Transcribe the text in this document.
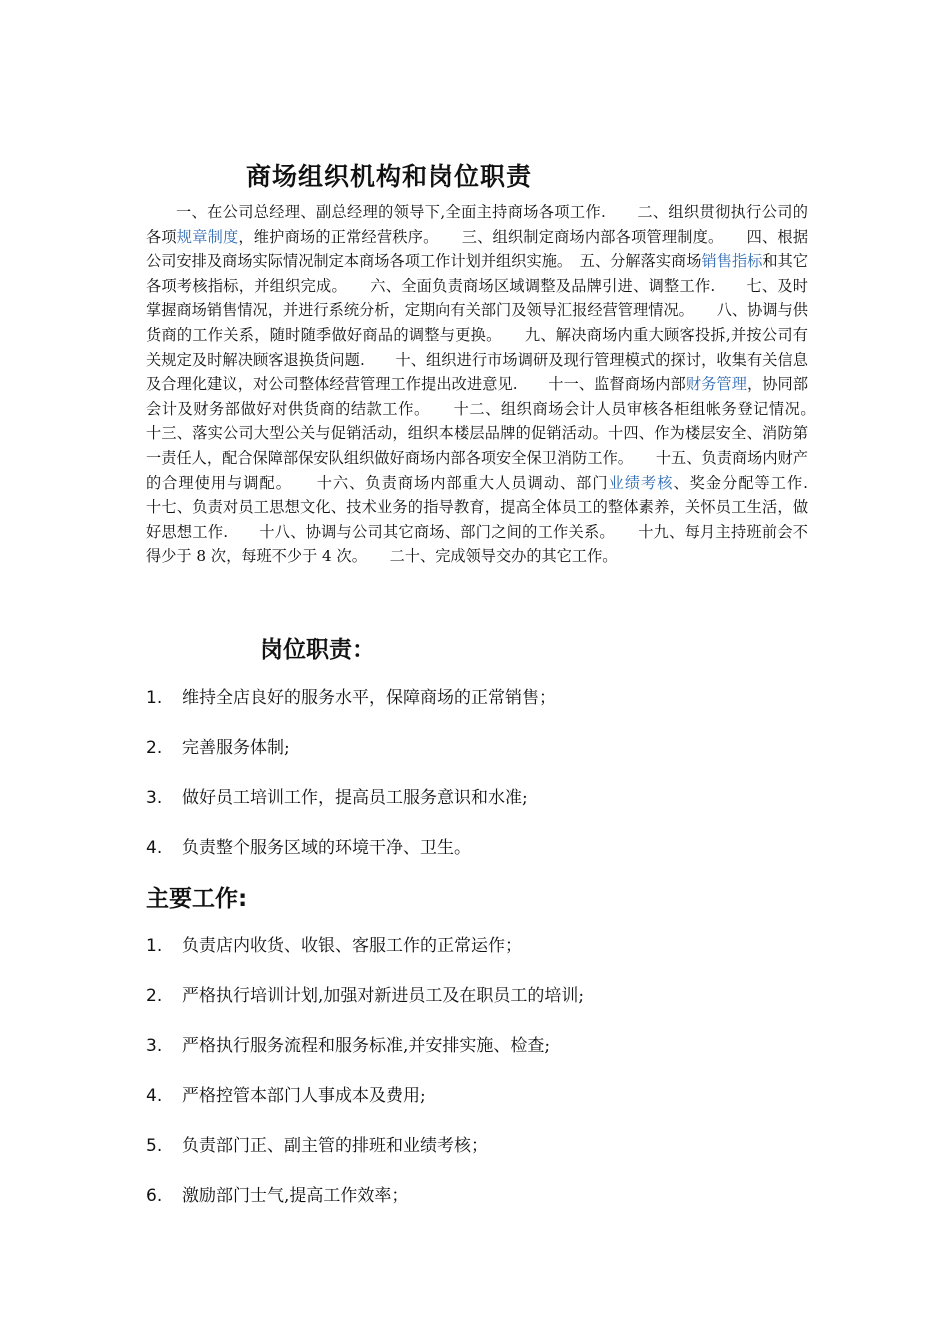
商场组织机构和岗位职责

一、在公司总经理、副总经理的领导下,全面主持商场各项工作.　　二、组织贯彻执行公司的各项规章制度，维护商场的正常经营秩序。　　三、组织制定商场内部各项管理制度。　　四、根据公司安排及商场实际情况制定本商场各项工作计划并组织实施。　五、分解落实商场销售指标和其它各项考核指标，并组织完成。　　六、全面负责商场区域调整及品牌引进、调整工作.　　七、及时掌握商场销售情况，并进行系统分析，定期向有关部门及领导汇报经营管理情况。　　八、协调与供货商的工作关系，随时随季做好商品的调整与更换。　　九、解决商场内重大顾客投拆,并按公司有关规定及时解决顾客退换货问题.　　十、组织进行市场调研及现行管理模式的探讨，收集有关信息及合理化建议，对公司整体经营管理工作提出改进意见.　　十一、监督商场内部财务管理，协同部会计及财务部做好对供货商的结款工作。　　十二、组织商场会计人员审核各柜组帐务登记情况。　　十三、落实公司大型公关与促销活动，组织本楼层品牌的促销活动。十四、作为楼层安全、消防第一责任人，配合保障部保安队组织做好商场内部各项安全保卫消防工作。　　十五、负责商场内财产的合理使用与调配。　　十六、负责商场内部重大人员调动、部门业绩考核、奖金分配等工作.　　十七、负责对员工思想文化、技术业务的指导教育，提高全体员工的整体素养，关怀员工生活，做好思想工作.　　十八、协调与公司其它商场、部门之间的工作关系。　　十九、每月主持班前会不得少于 8 次，每班不少于 4 次。　　二十、完成领导交办的其它工作。

岗位职责：
1. 维持全店良好的服务水平，保障商场的正常销售；
2. 完善服务体制;
3. 做好员工培训工作，提高员工服务意识和水准;
4. 负责整个服务区域的环境干净、卫生。
主要工作:
1. 负责店内收货、收银、客服工作的正常运作；
2. 严格执行培训计划,加强对新进员工及在职员工的培训;
3. 严格执行服务流程和服务标准,并安排实施、检查;
4. 严格控管本部门人事成本及费用;
5. 负责部门正、副主管的排班和业绩考核；
6. 激励部门士气,提高工作效率；
